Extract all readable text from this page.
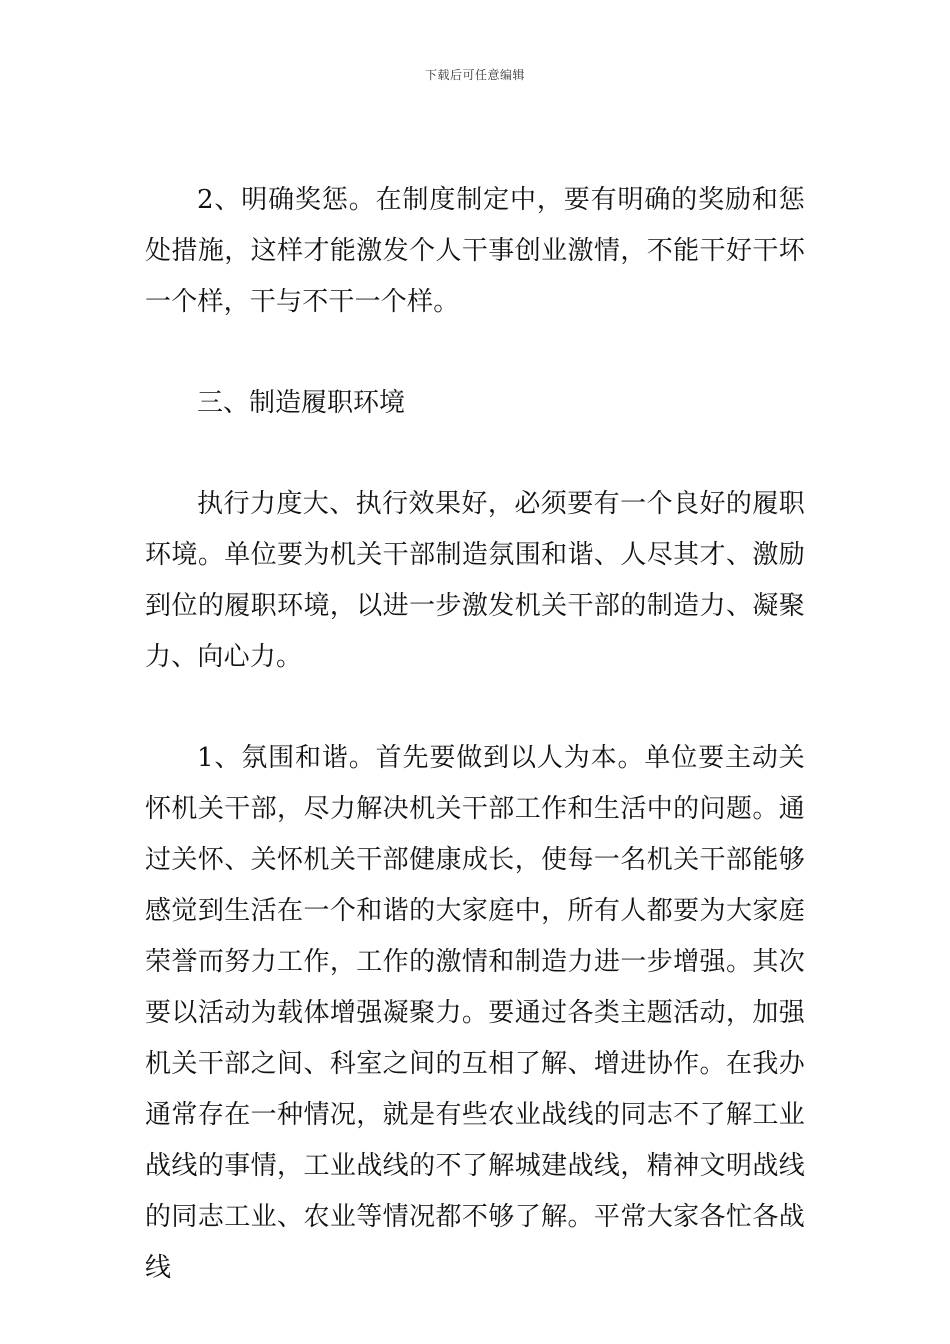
下载后可任意编辑

2、明确奖惩。在制度制定中，要有明确的奖励和惩处措施，这样才能激发个人干事创业激情，不能干好干坏一个样，干与不干一个样。

三、制造履职环境

执行力度大、执行效果好，必须要有一个良好的履职环境。单位要为机关干部制造氛围和谐、人尽其才、激励到位的履职环境，以进一步激发机关干部的制造力、凝聚力、向心力。

1、氛围和谐。首先要做到以人为本。单位要主动关怀机关干部，尽力解决机关干部工作和生活中的问题。通过关怀、关怀机关干部健康成长，使每一名机关干部能够感觉到生活在一个和谐的大家庭中，所有人都要为大家庭荣誉而努力工作，工作的激情和制造力进一步增强。其次要以活动为载体增强凝聚力。要通过各类主题活动，加强机关干部之间、科室之间的互相了解、增进协作。在我办通常存在一种情况，就是有些农业战线的同志不了解工业战线的事情，工业战线的不了解城建战线，精神文明战线的同志工业、农业等情况都不够了解。平常大家各忙各战线
